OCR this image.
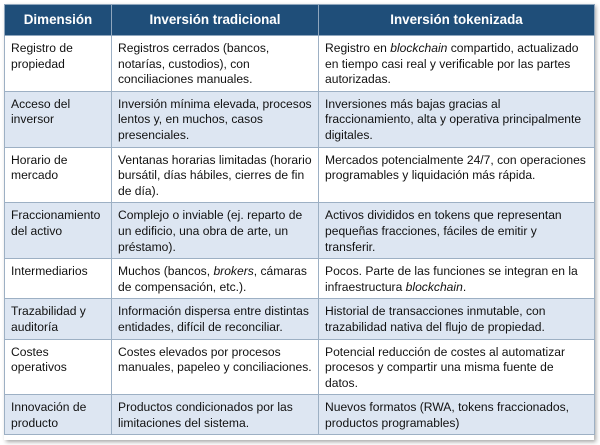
Dimensión	Inversión tradicional	Inversión tokenizada
Registro de propiedad	Registros cerrados (bancos, notarías, custodios), con conciliaciones manuales.	Registro en blockchain compartido, actualizado en tiempo casi real y verificable por las partes autorizadas.
Acceso del inversor	Inversión mínima elevada, procesos lentos y, en muchos, casos presenciales.	Inversiones más bajas gracias al fraccionamiento, alta y operativa principalmente digitales.
Horario de mercado	Ventanas horarias limitadas (horario bursátil, días hábiles, cierres de fin de día).	Mercados potencialmente 24/7, con operaciones programables y liquidación más rápida.
Fraccionamiento del activo	Complejo o inviable (ej. reparto de un edificio, una obra de arte, un préstamo).	Activos divididos en tokens que representan pequeñas fracciones, fáciles de emitir y transferir.
Intermediarios	Muchos (bancos, brokers, cámaras de compensación, etc.).	Pocos. Parte de las funciones se integran en la infraestructura blockchain.
Trazabilidad y auditoría	Información dispersa entre distintas entidades, difícil de reconciliar.	Historial de transacciones inmutable, con trazabilidad nativa del flujo de propiedad.
Costes operativos	Costes elevados por procesos manuales, papeleo y conciliaciones.	Potencial reducción de costes al automatizar procesos y compartir una misma fuente de datos.
Innovación de producto	Productos condicionados por las limitaciones del sistema.	Nuevos formatos (RWA, tokens fraccionados, productos programables)
